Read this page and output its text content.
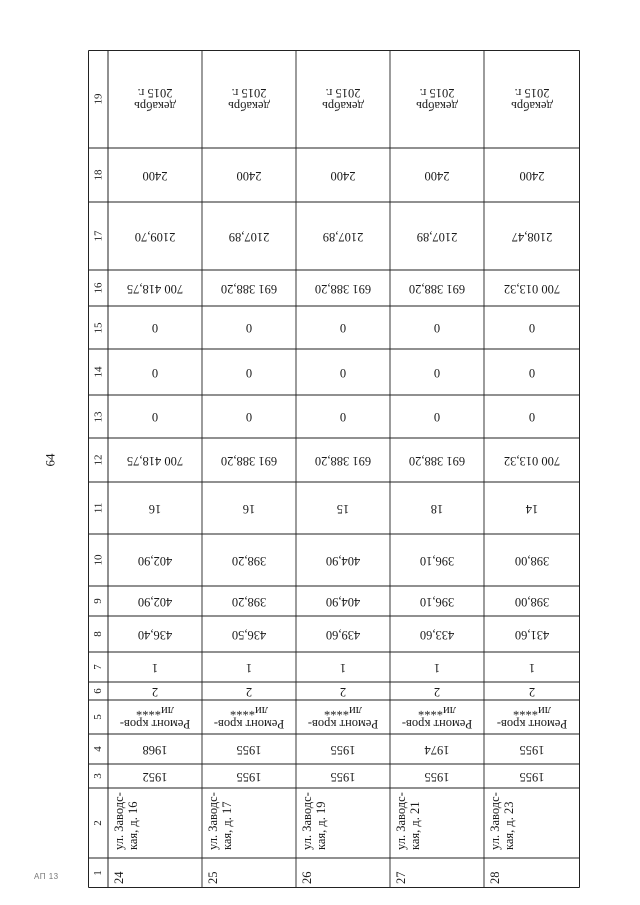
64
АП 13	1
2
3
4
5
6
7
8
9
10
11
12
13
14
15
16
17
18
19
24
ул. Заводс- кая, д. 16
1952
1968
Ремонт кров-
ли****
2
1
436,40
402,90
402,90
16
700 418,75
0
0
0
700 418,75
2109,70
2400
декабрь
2015 г.
25
ул. Заводс- кая, д. 17
1955
1955
Ремонт кров-
ли****
2
1
436,50
398,20
398,20
16
691 388,20
0
0
0
691 388,20
2107,89
2400
декабрь
2015 г.
26
ул. Заводс- кая, д. 19
1955
1955
Ремонт кров-
ли****
2
1
439,60
404,90
404,90
15
691 388,20
0
0
0
691 388,20
2107,89
2400
декабрь
2015 г.
27
ул. Заводс- кая, д. 21
1955
1974
Ремонт кров-
ли****
2
1
433,60
396,10
396,10
18
691 388,20
0
0
0
691 388,20
2107,89
2400
декабрь
2015 г.
28
ул. Заводс- кая, д. 23
1955
1955
Ремонт кров-
ли****
2
1
431,60
398,00
398,00
14
700 013,32
0
0
0
700 013,32
2108,47
2400
декабрь
2015 г.
